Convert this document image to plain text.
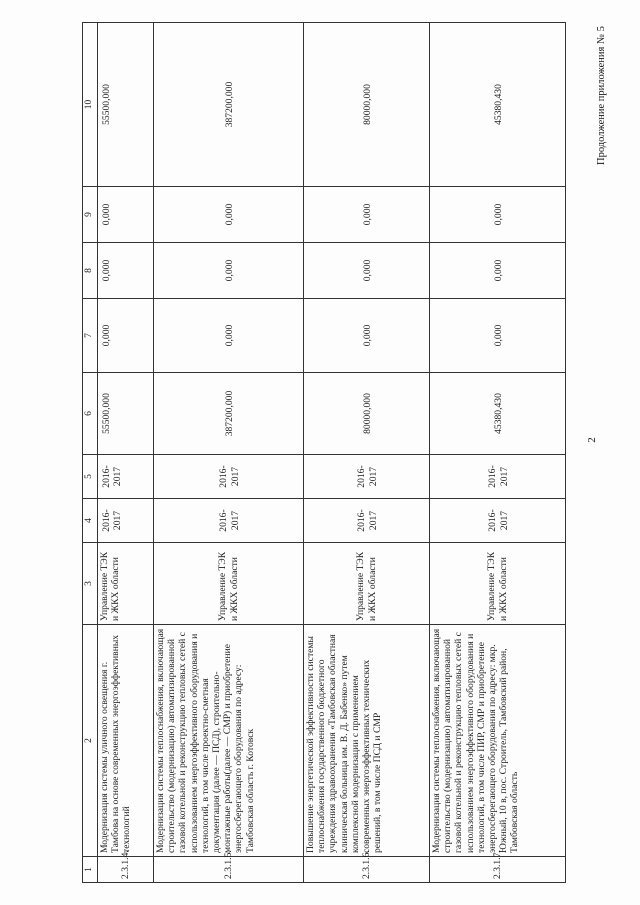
2
Продолжение приложения № 5
1	2	3	4	5	6	7	8	9	10
2.3.1.4.	Модернизация системы уличного освещения г. Тамбова на основе современных энергоэффективных технологий	Управление ТЭК и ЖКХ области	2016-2017	2016-2017	55500,000	0,000	0,000	0,000	55500,000
2.3.1.5.	Модернизация системы теплоснабжения, включающая строительство (модернизацию) автоматизированной газовой котельной и реконструкцию тепловых сетей с использованием энергоэффективного оборудования и технологий, в том числе проектно-сметная документация (далее — ПСД), строительно-монтажные работы(далее — СМР) и приобретение энергосберегающего оборудования по адресу: Тамбовская область г. Котовск	Управление ТЭК и ЖКХ области	2016-2017	2016-2017	387200,000	0,000	0,000	0,000	387200,000
2.3.1.6.	Повышение энергетической эффективности системы теплоснабжения государственного бюджетного учреждения здравоохранения «Тамбовская областная клиническая больница им. В. Д. Бабенко» путем комплексной модернизации с применением современных энергоэффективных технических решений, в том числе ПСД и СМР	Управление ТЭК и ЖКХ области	2016-2017	2016-2017	80000,000	0,000	0,000	0,000	80000,000
2.3.1.7.	Модернизация системы теплоснабжения, включающая строительство (модернизацию) автоматизированной газовой котельной и реконструкцию тепловых сетей с использованием энергоэффективного оборудования и технологий, в том числе ПИР, СМР и приобретение энергосберегающего оборудования по адресу: мкр. Южный, 10 в, пос. Строитель, Тамбовский район, Тамбовская область	Управление ТЭК и ЖКХ области	2016-2017	2016-2017	45380,430	0,000	0,000	0,000	45380,430
